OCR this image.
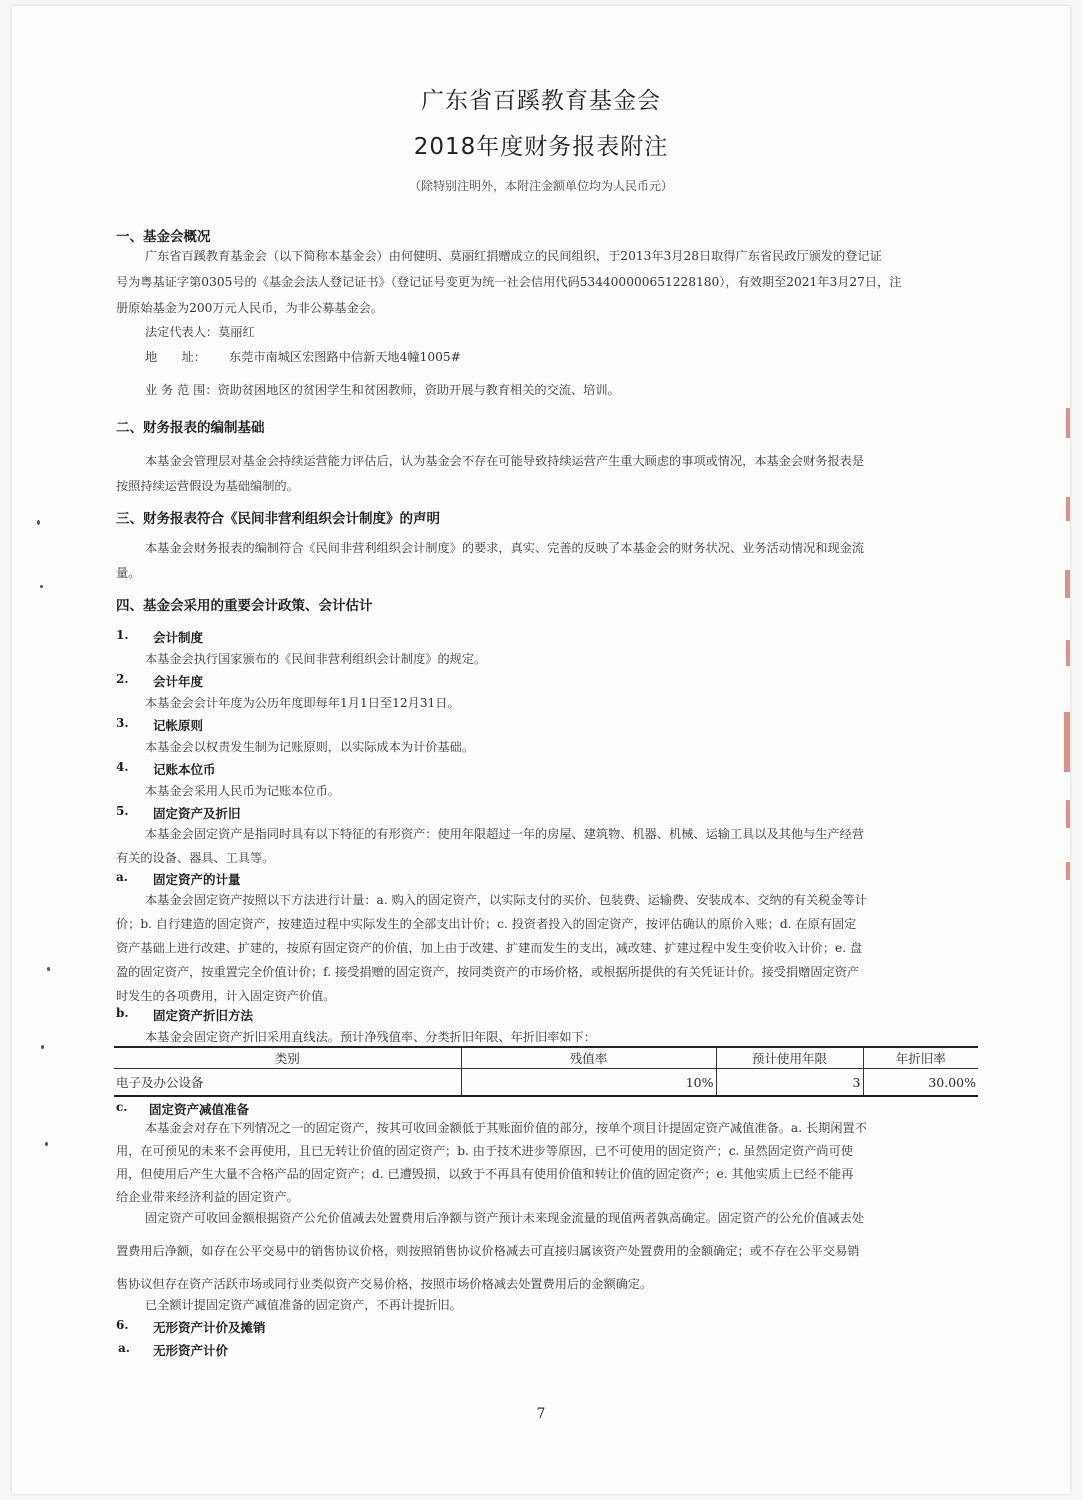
广东省百蹊教育基金会
2018年度财务报表附注
（除特别注明外，本附注金额单位均为人民币元）
一、基金会概况
广东省百蹊教育基金会（以下简称本基金会）由何健明、莫丽红捐赠成立的民间组织，于2013年3月28日取得广东省民政厅颁发的登记证
号为粤基证字第0305号的《基金会法人登记证书》（登记证号变更为统一社会信用代码534400000651228180），有效期至2021年3月27日，注
册原始基金为200万元人民币，为非公募基金会。
法定代表人：莫丽红
地　　址： 东莞市南城区宏图路中信新天地4幢1005#
业 务 范 围：资助贫困地区的贫困学生和贫困教师，资助开展与教育相关的交流、培训。
二、财务报表的编制基础
本基金会管理层对基金会持续运营能力评估后，认为基金会不存在可能导致持续运营产生重大顾虑的事项或情况，本基金会财务报表是
按照持续运营假设为基础编制的。
三、财务报表符合《民间非营利组织会计制度》的声明
本基金会财务报表的编制符合《民间非营利组织会计制度》的要求，真实、完善的反映了本基金会的财务状况、业务活动情况和现金流
量。
四、基金会采用的重要会计政策、会计估计
1. 会计制度
本基金会执行国家颁布的《民间非营利组织会计制度》的规定。
2. 会计年度
本基金会会计年度为公历年度即每年1月1日至12月31日。
3. 记帐原则
本基金会以权责发生制为记账原则，以实际成本为计价基础。
4. 记账本位币
本基金会采用人民币为记账本位币。
5. 固定资产及折旧
本基金会固定资产是指同时具有以下特征的有形资产：使用年限超过一年的房屋、建筑物、机器、机械、运输工具以及其他与生产经营
有关的设备、器具、工具等。
a. 固定资产的计量
本基金会固定资产按照以下方法进行计量：a. 购入的固定资产，以实际支付的买价、包装费、运输费、安装成本、交纳的有关税金等计
价；b. 自行建造的固定资产，按建造过程中实际发生的全部支出计价；c. 投资者投入的固定资产，按评估确认的原价入账；d. 在原有固定
资产基础上进行改建、扩建的，按原有固定资产的价值，加上由于改建、扩建而发生的支出，减改建、扩建过程中发生变价收入计价；e. 盘
盈的固定资产，按重置完全价值计价；f. 接受捐赠的固定资产，按同类资产的市场价格，或根据所提供的有关凭证计价。接受捐赠固定资产
时发生的各项费用，计入固定资产价值。
b. 固定资产折旧方法
本基金会固定资产折旧采用直线法。预计净残值率、分类折旧年限、年折旧率如下：
类别	残值率	预计使用年限	年折旧率
电子及办公设备	10%	3	30.00%
c. 固定资产减值准备
本基金会对存在下列情况之一的固定资产，按其可收回金额低于其账面价值的部分，按单个项目计提固定资产减值准备。a. 长期闲置不
用，在可预见的未来不会再使用，且已无转让价值的固定资产；b. 由于技术进步等原因，已不可使用的固定资产；c. 虽然固定资产尚可使
用，但使用后产生大量不合格产品的固定资产；d. 已遭毁损，以致于不再具有使用价值和转让价值的固定资产；e. 其他实质上已经不能再
给企业带来经济利益的固定资产。
固定资产可收回金额根据资产公允价值减去处置费用后净额与资产预计未来现金流量的现值两者孰高确定。固定资产的公允价值减去处
置费用后净额，如存在公平交易中的销售协议价格，则按照销售协议价格减去可直接归属该资产处置费用的金额确定；或不存在公平交易销
售协议但存在资产活跃市场或同行业类似资产交易价格，按照市场价格减去处置费用后的金额确定。
已全额计提固定资产减值准备的固定资产，不再计提折旧。
6. 无形资产计价及摊销
a. 无形资产计价
7
